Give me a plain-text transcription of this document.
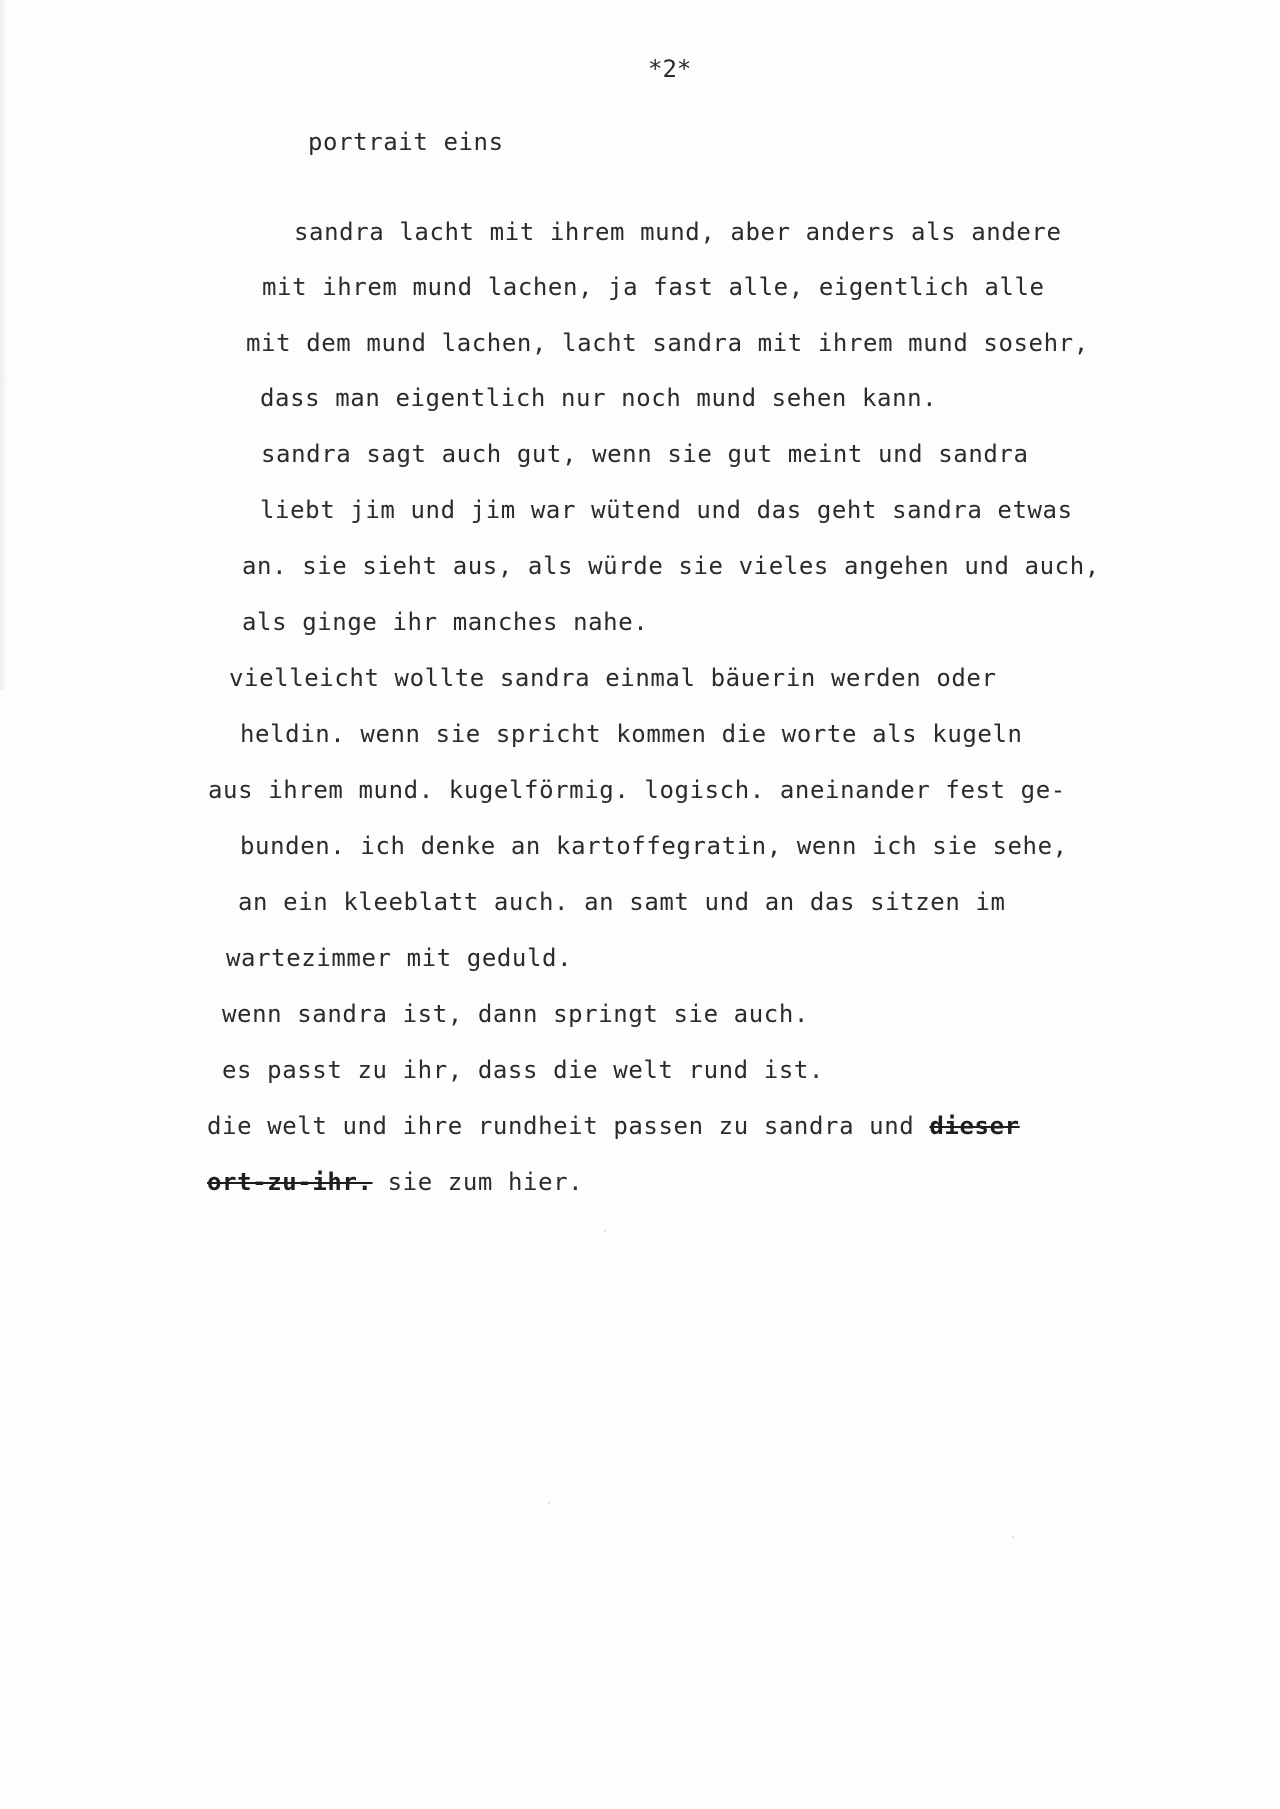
*2*
portrait eins
sandra lacht mit ihrem mund, aber anders als andere
mit ihrem mund lachen, ja fast alle, eigentlich alle
mit dem mund lachen, lacht sandra mit ihrem mund sosehr,
dass man eigentlich nur noch mund sehen kann.
sandra sagt auch gut, wenn sie gut meint und sandra
liebt jim und jim war wütend und das geht sandra etwas
an. sie sieht aus, als würde sie vieles angehen und auch,
als ginge ihr manches nahe.
vielleicht wollte sandra einmal bäuerin werden oder
heldin. wenn sie spricht kommen die worte als kugeln
aus ihrem mund. kugelförmig. logisch. aneinander fest ge-
bunden. ich denke an kartoffegratin, wenn ich sie sehe,
an ein kleeblatt auch. an samt und an das sitzen im
wartezimmer mit geduld.
wenn sandra ist, dann springt sie auch.
es passt zu ihr, dass die welt rund ist.
die welt und ihre rundheit passen zu sandra und dieser
ort-zu-ihr. sie zum hier.
